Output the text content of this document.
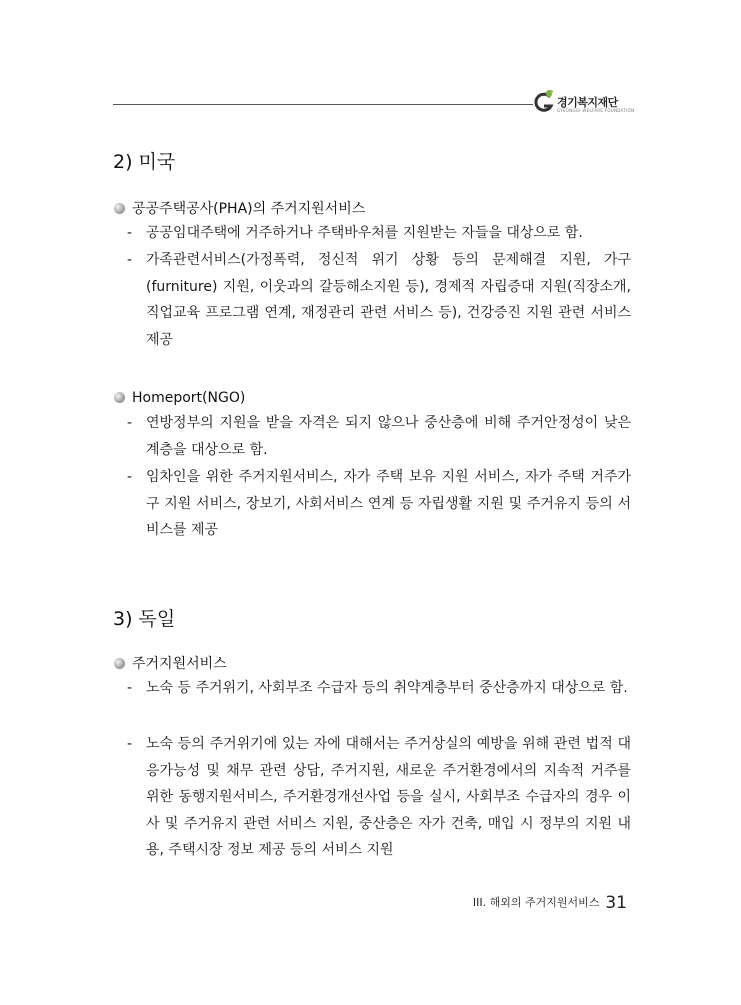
경기복지재단
GYEONGGI WELFARE FOUNDATION
2) 미국
공공주택공사(PHA)의 주거지원서비스
- 공공임대주택에 거주하거나 주택바우처를 지원받는 자들을 대상으로 함.
- 가족관련서비스(가정폭력, 정신적 위기 상황 등의 문제해결 지원, 가구(furniture) 지원, 이웃과의 갈등해소지원 등), 경제적 자립증대 지원(직장소개, 직업교육 프로그램 연계, 재정관리 관련 서비스 등), 건강증진 지원 관련 서비스 제공
Homeport(NGO)
- 연방정부의 지원을 받을 자격은 되지 않으나 중산층에 비해 주거안정성이 낮은 계층을 대상으로 함.
- 임차인을 위한 주거지원서비스, 자가 주택 보유 지원 서비스, 자가 주택 거주가구 지원 서비스, 장보기, 사회서비스 연계 등 자립생활 지원 및 주거유지 등의 서비스를 제공
3) 독일
주거지원서비스
- 노숙 등 주거위기, 사회부조 수급자 등의 취약계층부터 중산층까지 대상으로 함.
- 노숙 등의 주거위기에 있는 자에 대해서는 주거상실의 예방을 위해 관련 법적 대응가능성 및 채무 관련 상담, 주거지원, 새로운 주거환경에서의 지속적 거주를 위한 동행지원서비스, 주거환경개선사업 등을 실시, 사회부조 수급자의 경우 이사 및 주거유지 관련 서비스 지원, 중산층은 자가 건축, 매입 시 정부의 지원 내용, 주택시장 정보 제공 등의 서비스 지원
III. 해외의 주거지원서비스 31
